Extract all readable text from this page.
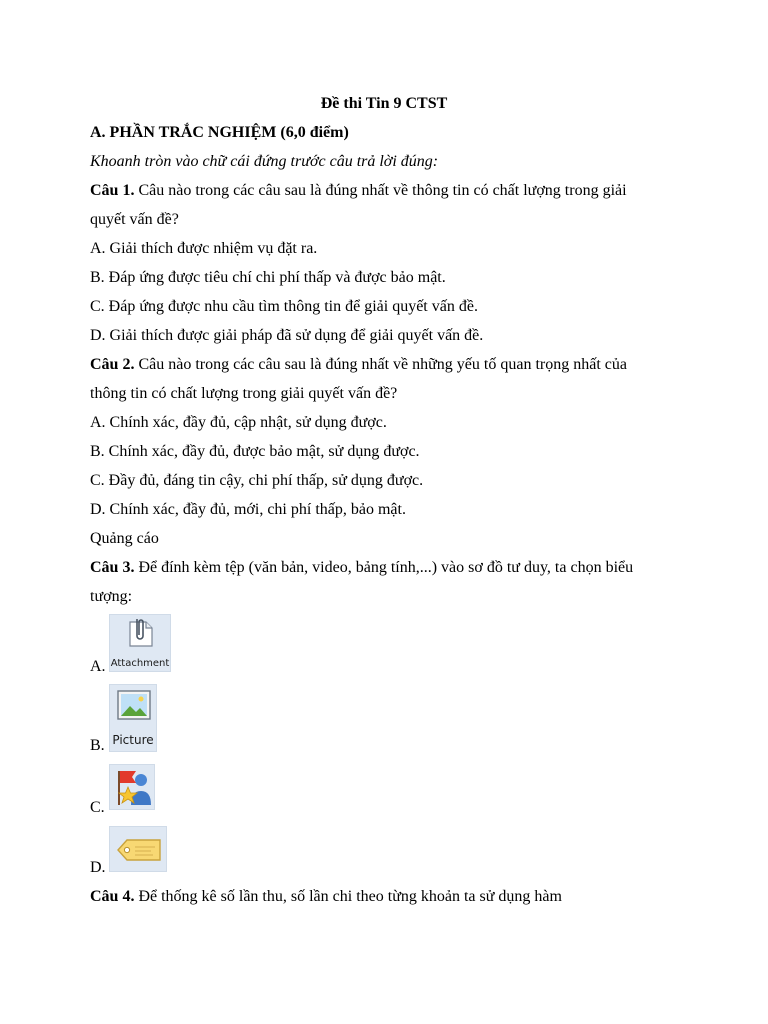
Đề thi Tin 9 CTST
A. PHẦN TRẮC NGHIỆM (6,0 điểm)
Khoanh tròn vào chữ cái đứng trước câu trả lời đúng:
Câu 1. Câu nào trong các câu sau là đúng nhất về thông tin có chất lượng trong giải
quyết vấn đề?
A. Giải thích được nhiệm vụ đặt ra.
B. Đáp ứng được tiêu chí chi phí thấp và được bảo mật.
C. Đáp ứng được nhu cầu tìm thông tin để giải quyết vấn đề.
D. Giải thích được giải pháp đã sử dụng để giải quyết vấn đề.
Câu 2. Câu nào trong các câu sau là đúng nhất về những yếu tố quan trọng nhất của
thông tin có chất lượng trong giải quyết vấn đề?
A. Chính xác, đầy đủ, cập nhật, sử dụng được.
B. Chính xác, đầy đủ, được bảo mật, sử dụng được.
C. Đầy đủ, đáng tin cậy, chi phí thấp, sử dụng được.
D. Chính xác, đầy đủ, mới, chi phí thấp, bảo mật.
Quảng cáo
Câu 3. Để đính kèm tệp (văn bản, video, bảng tính,...) vào sơ đồ tư duy, ta chọn biểu
tượng:
A. Attachment
B. Picture
C.
D.
Câu 4. Để thống kê số lần thu, số lần chi theo từng khoản ta sử dụng hàm
